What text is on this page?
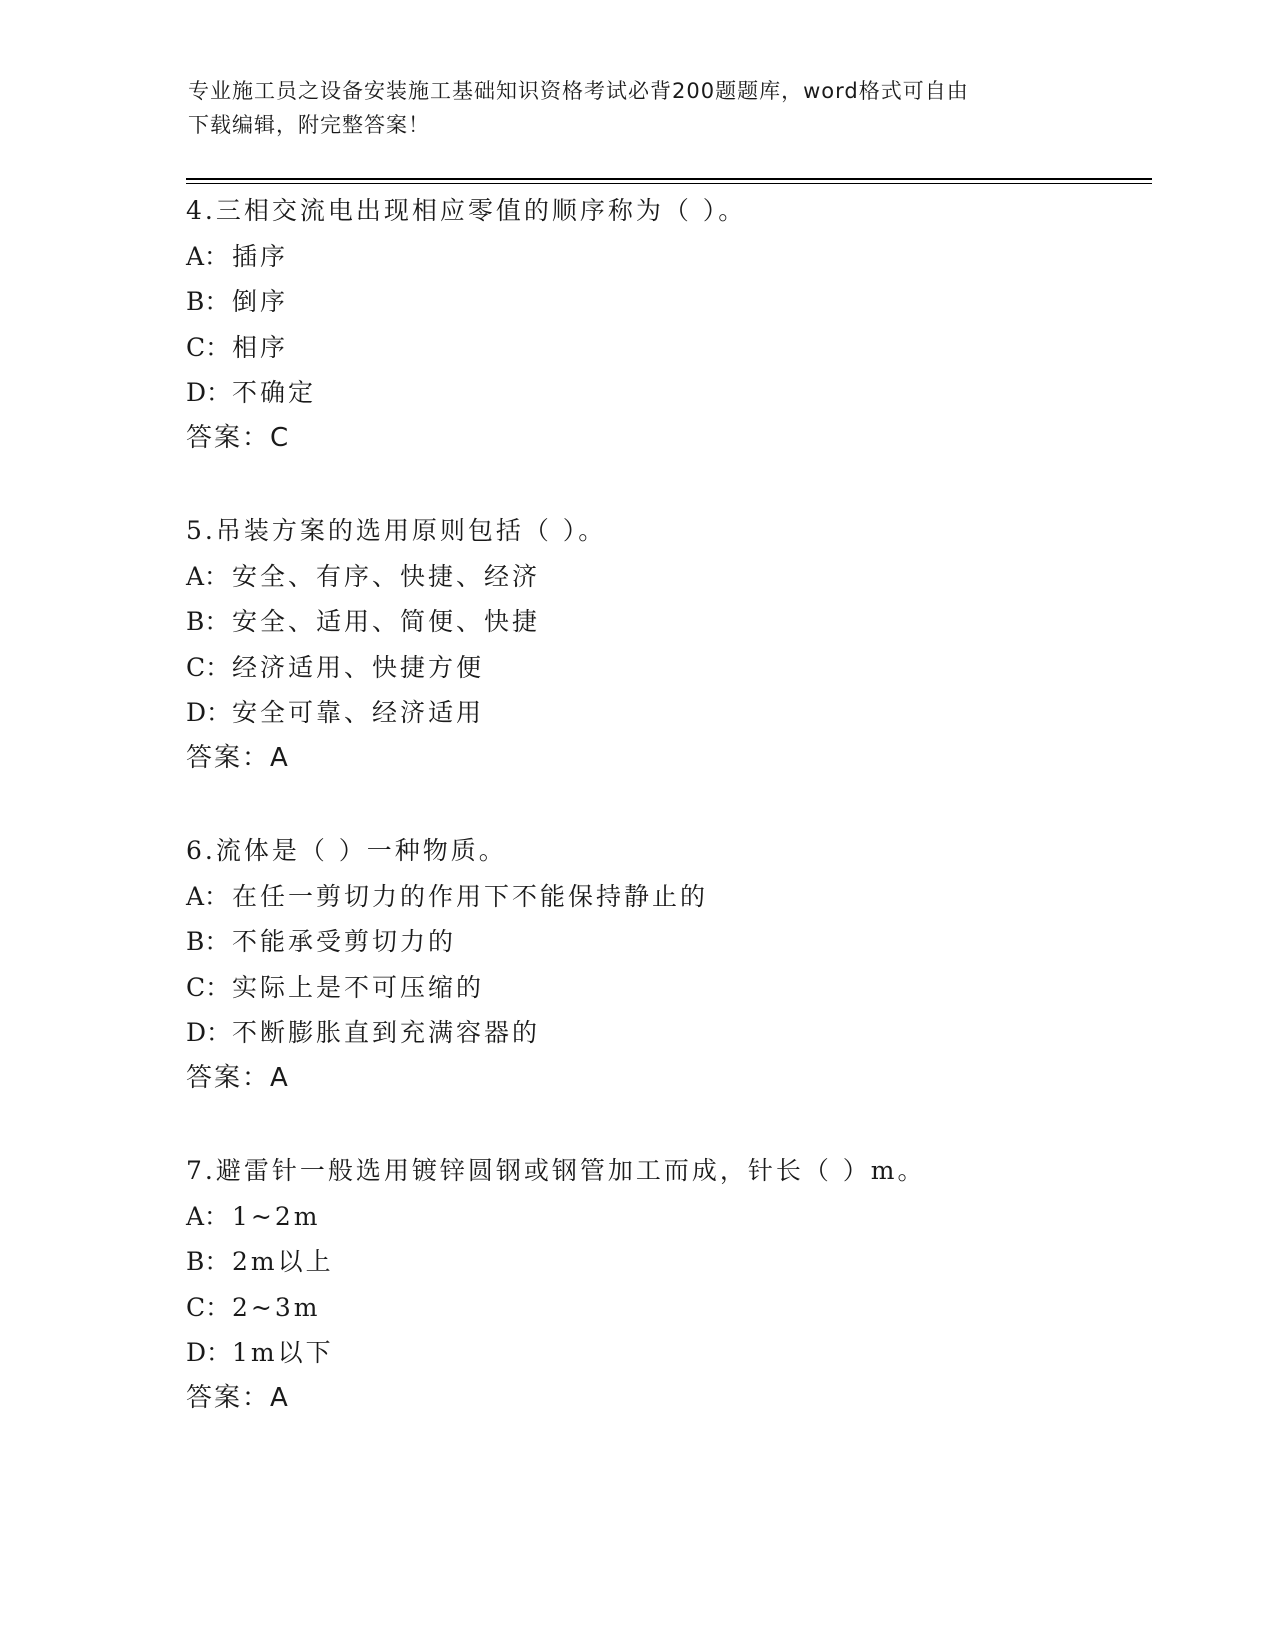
专业施工员之设备安装施工基础知识资格考试必背200题题库，word格式可自由
下载编辑，附完整答案！
4.三相交流电出现相应零值的顺序称为（ ）。
A： 插序
B： 倒序
C：相序
D：不确定
答案：C
5.吊装方案的选用原则包括（ ）。
A： 安全、有序、快捷、经济
B： 安全、适用、简便、快捷
C：经济适用、快捷方便
D：安全可靠、经济适用
答案：A
6.流体是（ ）一种物质。
A： 在任一剪切力的作用下不能保持静止的
B： 不能承受剪切力的
C：实际上是不可压缩的
D：不断膨胀直到充满容器的
答案：A
7.避雷针一般选用镀锌圆钢或钢管加工而成，针长（ ）m。
A： 1~2m
B： 2m以上
C：2~3m
D：1m以下
答案：A
